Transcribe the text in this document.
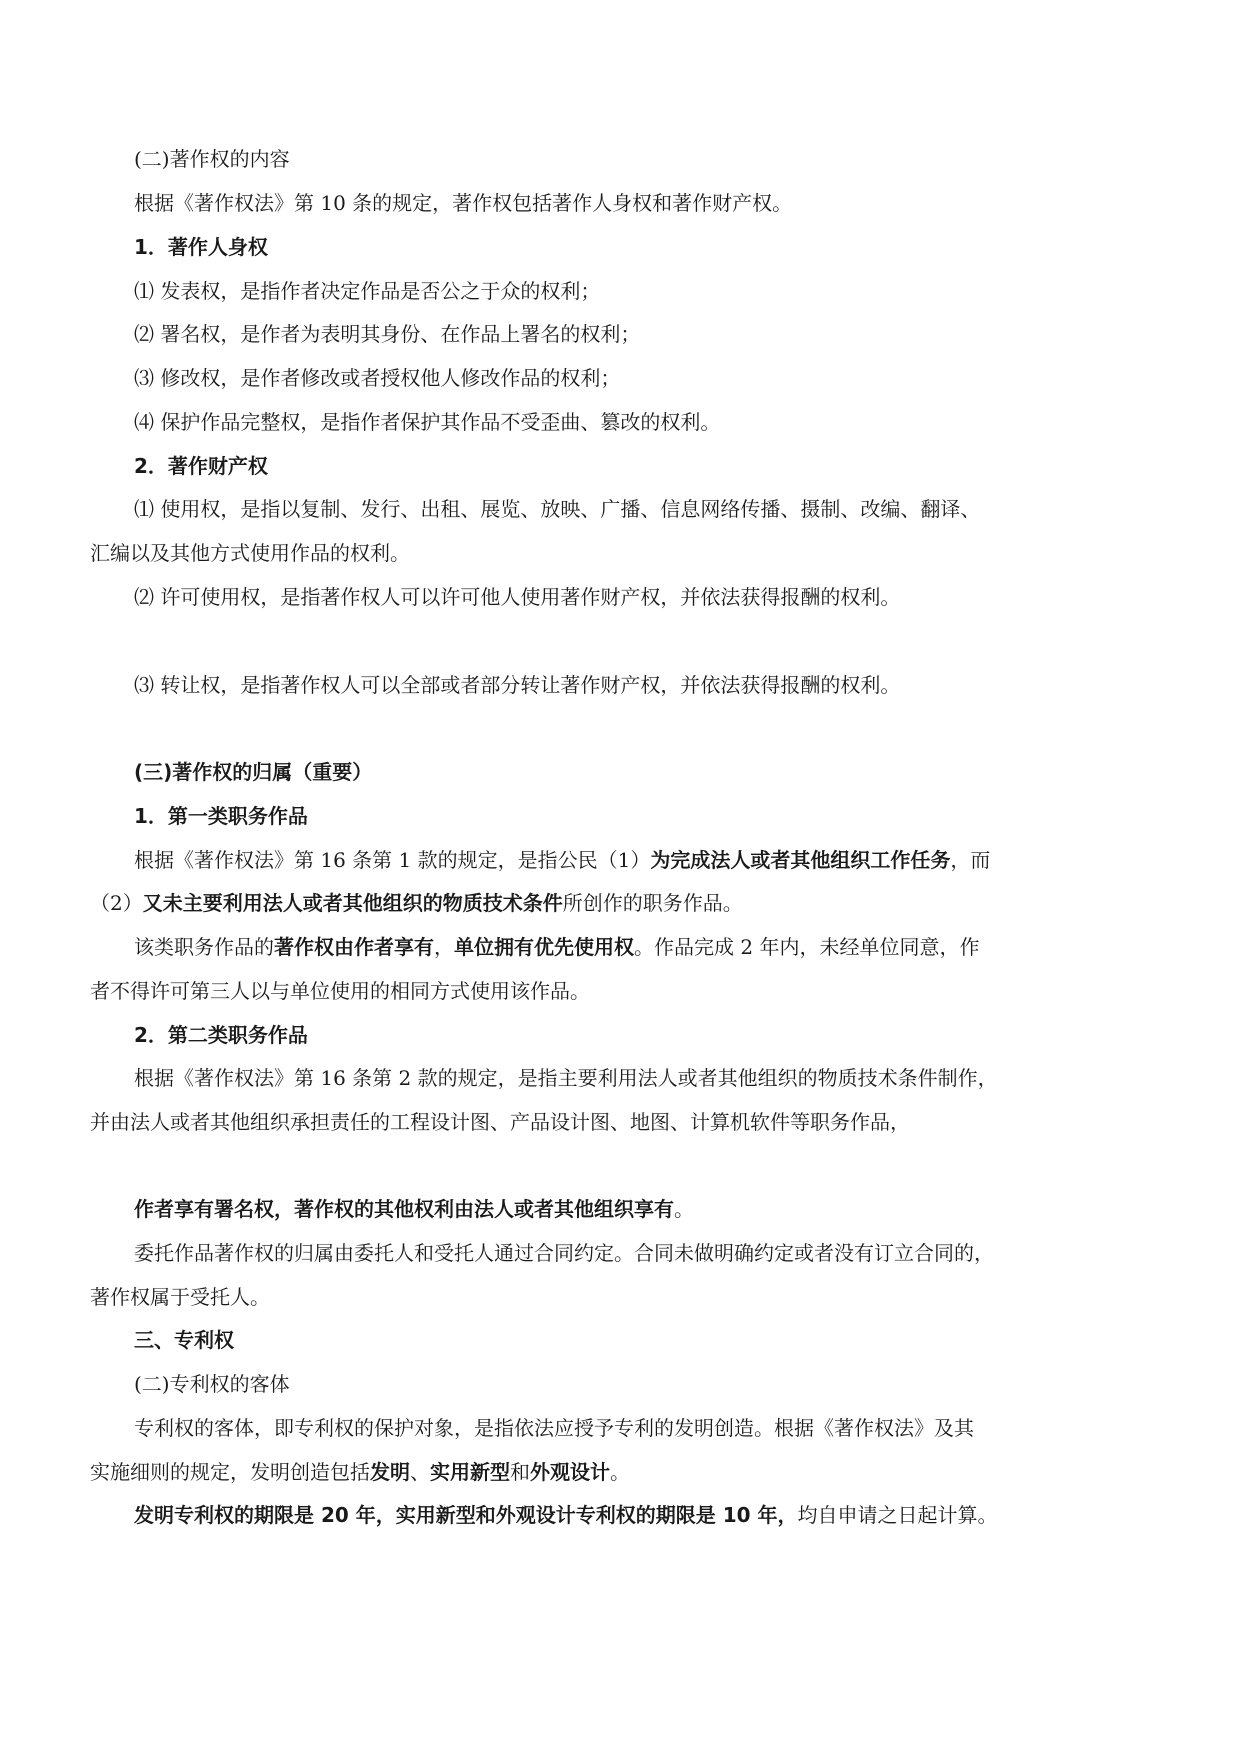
(二)著作权的内容
根据《著作权法》第 10 条的规定，著作权包括著作人身权和著作财产权。
1．著作人身权
⑴ 发表权，是指作者决定作品是否公之于众的权利；
⑵ 署名权，是作者为表明其身份、在作品上署名的权利；
⑶ 修改权，是作者修改或者授权他人修改作品的权利；
⑷ 保护作品完整权，是指作者保护其作品不受歪曲、篡改的权利。
2．著作财产权
⑴ 使用权，是指以复制、发行、出租、展览、放映、广播、信息网络传播、摄制、改编、翻译、
汇编以及其他方式使用作品的权利。
⑵ 许可使用权，是指著作权人可以许可他人使用著作财产权，并依法获得报酬的权利。
⑶ 转让权，是指著作权人可以全部或者部分转让著作财产权，并依法获得报酬的权利。
(三)著作权的归属（重要）
1．第一类职务作品
根据《著作权法》第 16 条第 1 款的规定，是指公民（1）为完成法人或者其他组织工作任务，而
（2）又未主要利用法人或者其他组织的物质技术条件所创作的职务作品。
该类职务作品的著作权由作者享有，单位拥有优先使用权。作品完成 2 年内，未经单位同意，作
者不得许可第三人以与单位使用的相同方式使用该作品。
2．第二类职务作品
根据《著作权法》第 16 条第 2 款的规定，是指主要利用法人或者其他组织的物质技术条件制作，
并由法人或者其他组织承担责任的工程设计图、产品设计图、地图、计算机软件等职务作品，
作者享有署名权，著作权的其他权利由法人或者其他组织享有。
委托作品著作权的归属由委托人和受托人通过合同约定。合同未做明确约定或者没有订立合同的，
著作权属于受托人。
三、专利权
(二)专利权的客体
专利权的客体，即专利权的保护对象，是指依法应授予专利的发明创造。根据《著作权法》及其
实施细则的规定，发明创造包括发明、实用新型和外观设计。
发明专利权的期限是 20 年，实用新型和外观设计专利权的期限是 10 年，均自申请之日起计算。
